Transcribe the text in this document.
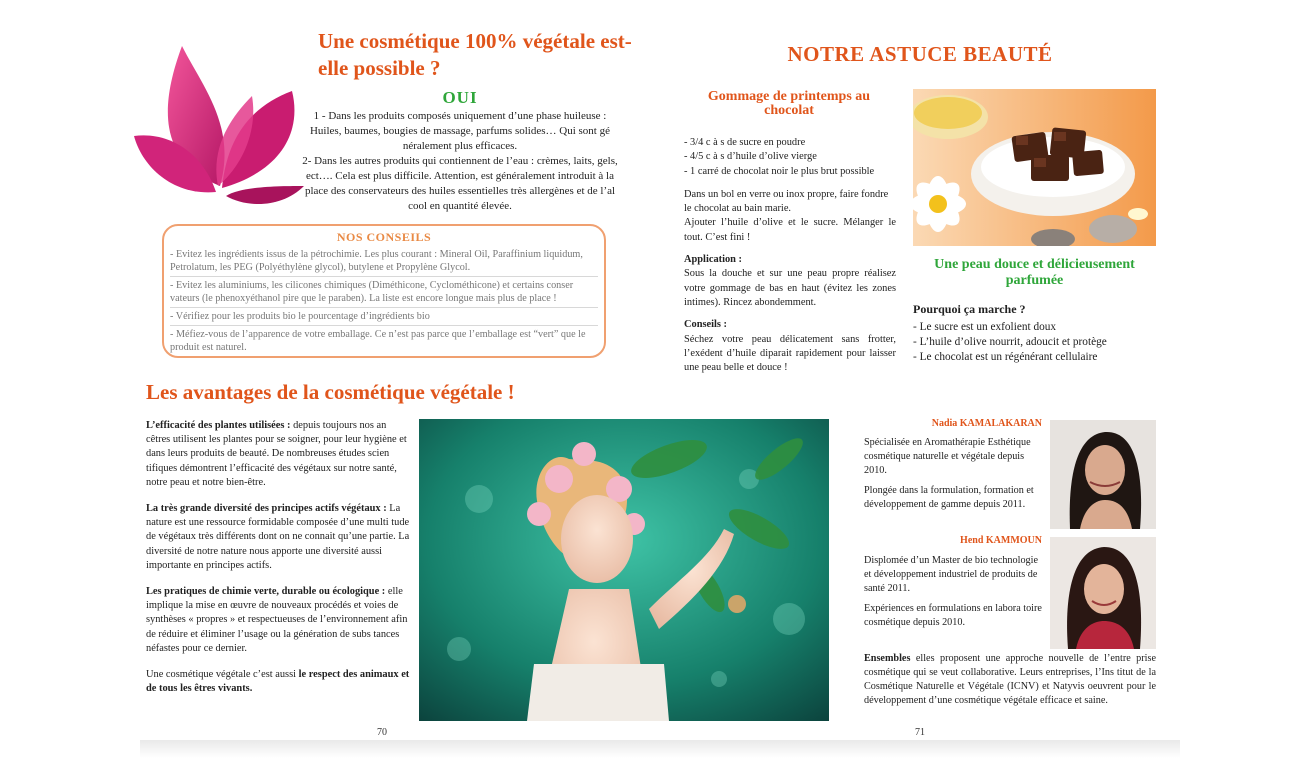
Une cosmétique 100% végétale est-elle possible ?
OUI

1 - Dans les produits composés uniquement d’une phase huileuse : Huiles, baumes, bougies de massage, parfums solides… Qui sont gé néralement plus efficaces.

2- Dans les autres produits qui contiennent de l’eau : crèmes, laits, gels, ect…. Cela est plus difficile. Attention, est généralement introduit à la place des conservateurs des huiles essentielles très allergènes et de l’al cool en quantité élevée.

NOS CONSEILS

- Evitez les ingrédients issus de la pétrochimie. Les plus courant : Mineral Oil, Paraffinium liquidum, Petrolatum, les PEG (Polyéthylène glycol), butylene et Propylène Glycol.

- Evitez les aluminiums, les cilicones chimiques (Diméthicone, Cyclométhicone) et certains conser vateurs (le phenoxyéthanol pire que le paraben). La liste est encore longue mais plus de place !

- Vérifiez pour les produits bio le pourcentage d’ingrédients bio

- Méfiez-vous de l’apparence de votre emballage. Ce n’est pas parce que l’emballage est “vert” que le produit est naturel.

Les avantages de la cosmétique végétale !

L’efficacité des plantes utilisées : depuis toujours nos an cêtres utilisent les plantes pour se soigner, pour leur hygiène et dans leurs produits de beauté. De nombreuses études scien tifiques démontrent l’efficacité des végétaux sur notre santé, notre peau et notre bien-être.

La très grande diversité des principes actifs végétaux : La nature est une ressource formidable composée d’une multi tude de végétaux très différents dont on ne connait qu’une partie. La diversité de notre nature nous apporte une diversité aussi importante en principes actifs.

Les pratiques de chimie verte, durable ou écologique : elle implique la mise en œuvre de nouveaux procédés et voies de synthèses « propres » et respectueuses de l’environnement afin de réduire et éliminer l’usage ou la génération de subs tances néfastes pour ce dernier.

Une cosmétique végétale c’est aussi le respect des animaux et de tous les êtres vivants.

70
NOTRE ASTUCE BEAUTÉ
Gommage de printemps au chocolat

- 3/4 c à s de sucre en poudre

- 4/5 c à s d’huile d’olive vierge

- 1 carré de chocolat noir le plus brut possible

Dans un bol en verre ou inox propre, faire fondre le chocolat au bain marie.

Ajouter l’huile d’olive et le sucre. Mélanger le tout. C’est fini !

Application :

Sous la douche et sur une peau propre réalisez votre gommage de bas en haut (évitez les zones intimes). Rincez abondemment.

Conseils :

Séchez votre peau délicatement sans frotter, l’exédent d’huile diparait rapidement pour laisser une peau belle et douce !

Une peau douce et délicieusement parfumée
Pourquoi ça marche ?

- Le sucre est un exfolient doux

- L’huile d’olive nourrit, adoucit et protège

- Le chocolat est un régénérant cellulaire

Nadia KAMALAKARAN

Spécialisée en Aromathérapie Esthétique cosmétique naturelle et végétale depuis 2010.

Plongée dans la formulation, formation et développement de gamme depuis 2011.

Hend KAMMOUN

Displomée d’un Master de bio technologie et développement industriel de produits de santé 2011.

Expériences en formulations en labora toire cosmétique depuis 2010.

Ensembles elles proposent une approche nouvelle de l’entre prise cosmétique qui se veut collaborative. Leurs entreprises, l’Ins titut de la Cosmétique Naturelle et Végétale (ICNV) et Natyvis oeuvrent pour le développement d’une cosmétique végétale efficace et saine.
71
